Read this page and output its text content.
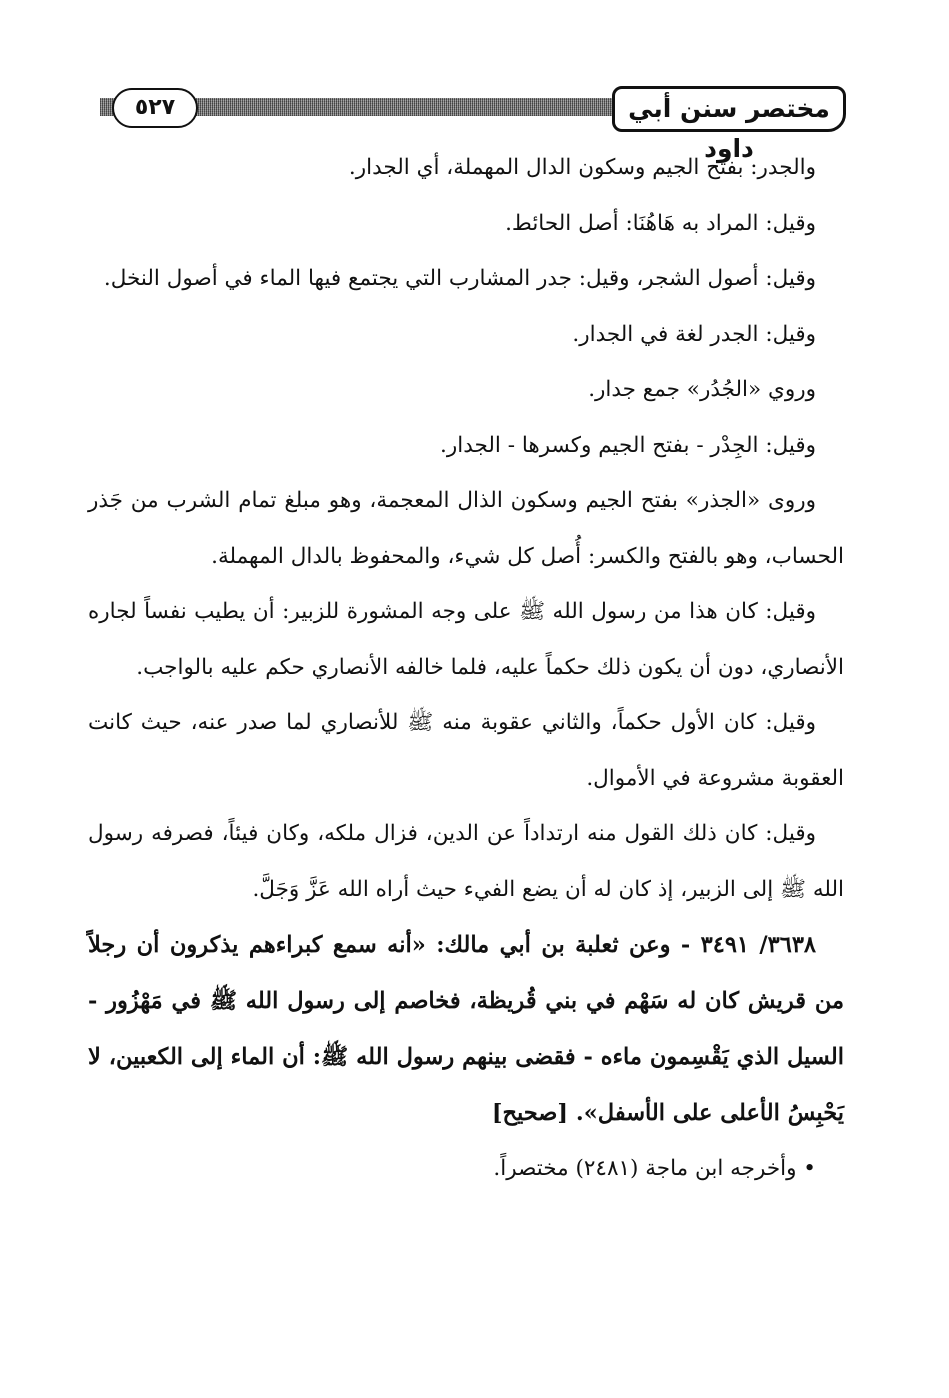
٥٢٧	مختصر سنن أبي داود

والجدر: بفتح الجيم وسكون الدال المهملة، أي الجدار.

وقيل: المراد به هَاهُنَا: أصل الحائط.

وقيل: أصول الشجر، وقيل: جدر المشارب التي يجتمع فيها الماء في أصول النخل.

وقيل: الجدر لغة في الجدار.

وروي «الجُدُر» جمع جدار.

وقيل: الجِدْر - بفتح الجيم وكسرها - الجدار.

وروى «الجذر» بفتح الجيم وسكون الذال المعجمة، وهو مبلغ تمام الشرب من جَذر الحساب، وهو بالفتح والكسر: أُصل كل شيء، والمحفوظ بالدال المهملة.

وقيل: كان هذا من رسول الله ﷺ على وجه المشورة للزبير: أن يطيب نفساً لجاره الأنصاري، دون أن يكون ذلك حكماً عليه، فلما خالفه الأنصاري حكم عليه بالواجب.

وقيل: كان الأول حكماً، والثاني عقوبة منه ﷺ للأنصاري لما صدر عنه، حيث كانت العقوبة مشروعة في الأموال.

وقيل: كان ذلك القول منه ارتداداً عن الدين، فزال ملكه، وكان فيئاً، فصرفه رسول الله ﷺ إلى الزبير، إذ كان له أن يضع الفيء حيث أراه الله عَزَّ وَجَلَّ.

٣٦٣٨/ ٣٤٩١ - وعن ثعلبة بن أبي مالك: «أنه سمع كبراءهم يذكرون أن رجلاً من قريش كان له سَهْم في بني قُريظة، فخاصم إلى رسول الله ﷺ في مَهْزُور - السيل الذي يَقْسِمون ماءه - فقضى بينهم رسول الله ﷺ: أن الماء إلى الكعبين، لا يَحْبِسُ الأعلى على الأسفل». [صحيح]

• وأخرجه ابن ماجة (٢٤٨١) مختصراً.
